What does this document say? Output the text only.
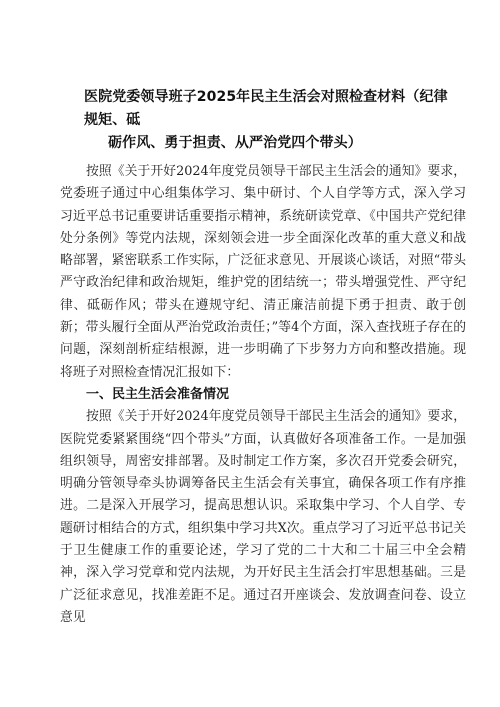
医院党委领导班子2025年民主生活会对照检查材料（纪律规矩、砥
砺作风、勇于担责、从严治党四个带头）

按照《关于开好2024年度党员领导干部民主生活会的通知》要求，党委班子通过中心组集体学习、集中研讨、个人自学等方式，深入学习习近平总书记重要讲话重要指示精神，系统研读党章、《中国共产党纪律处分条例》等党内法规，深刻领会进一步全面深化改革的重大意义和战略部署，紧密联系工作实际，广泛征求意见、开展谈心谈话，对照“带头严守政治纪律和政治规矩，维护党的团结统一；带头增强党性、严守纪律、砥砺作风；带头在遵规守纪、清正廉洁前提下勇于担责、敢于创新；带头履行全面从严治党政治责任；”等4个方面，深入查找班子存在的问题，深刻剖析症结根源，进一步明确了下步努力方向和整改措施。现将班子对照检查情况汇报如下：

一、民主生活会准备情况

按照《关于开好2024年度党员领导干部民主生活会的通知》要求，医院党委紧紧围绕“四个带头”方面，认真做好各项准备工作。一是加强组织领导，周密安排部署。及时制定工作方案，多次召开党委会研究，明确分管领导牵头协调筹备民主生活会有关事宜，确保各项工作有序推进。二是深入开展学习，提高思想认识。采取集中学习、个人自学、专题研讨相结合的方式，组织集中学习共X次。重点学习了习近平总书记关于卫生健康工作的重要论述，学习了党的二十大和二十届三中全会精神，深入学习党章和党内法规，为开好民主生活会打牢思想基础。三是广泛征求意见，找准差距不足。通过召开座谈会、发放调查问卷、设立意见
